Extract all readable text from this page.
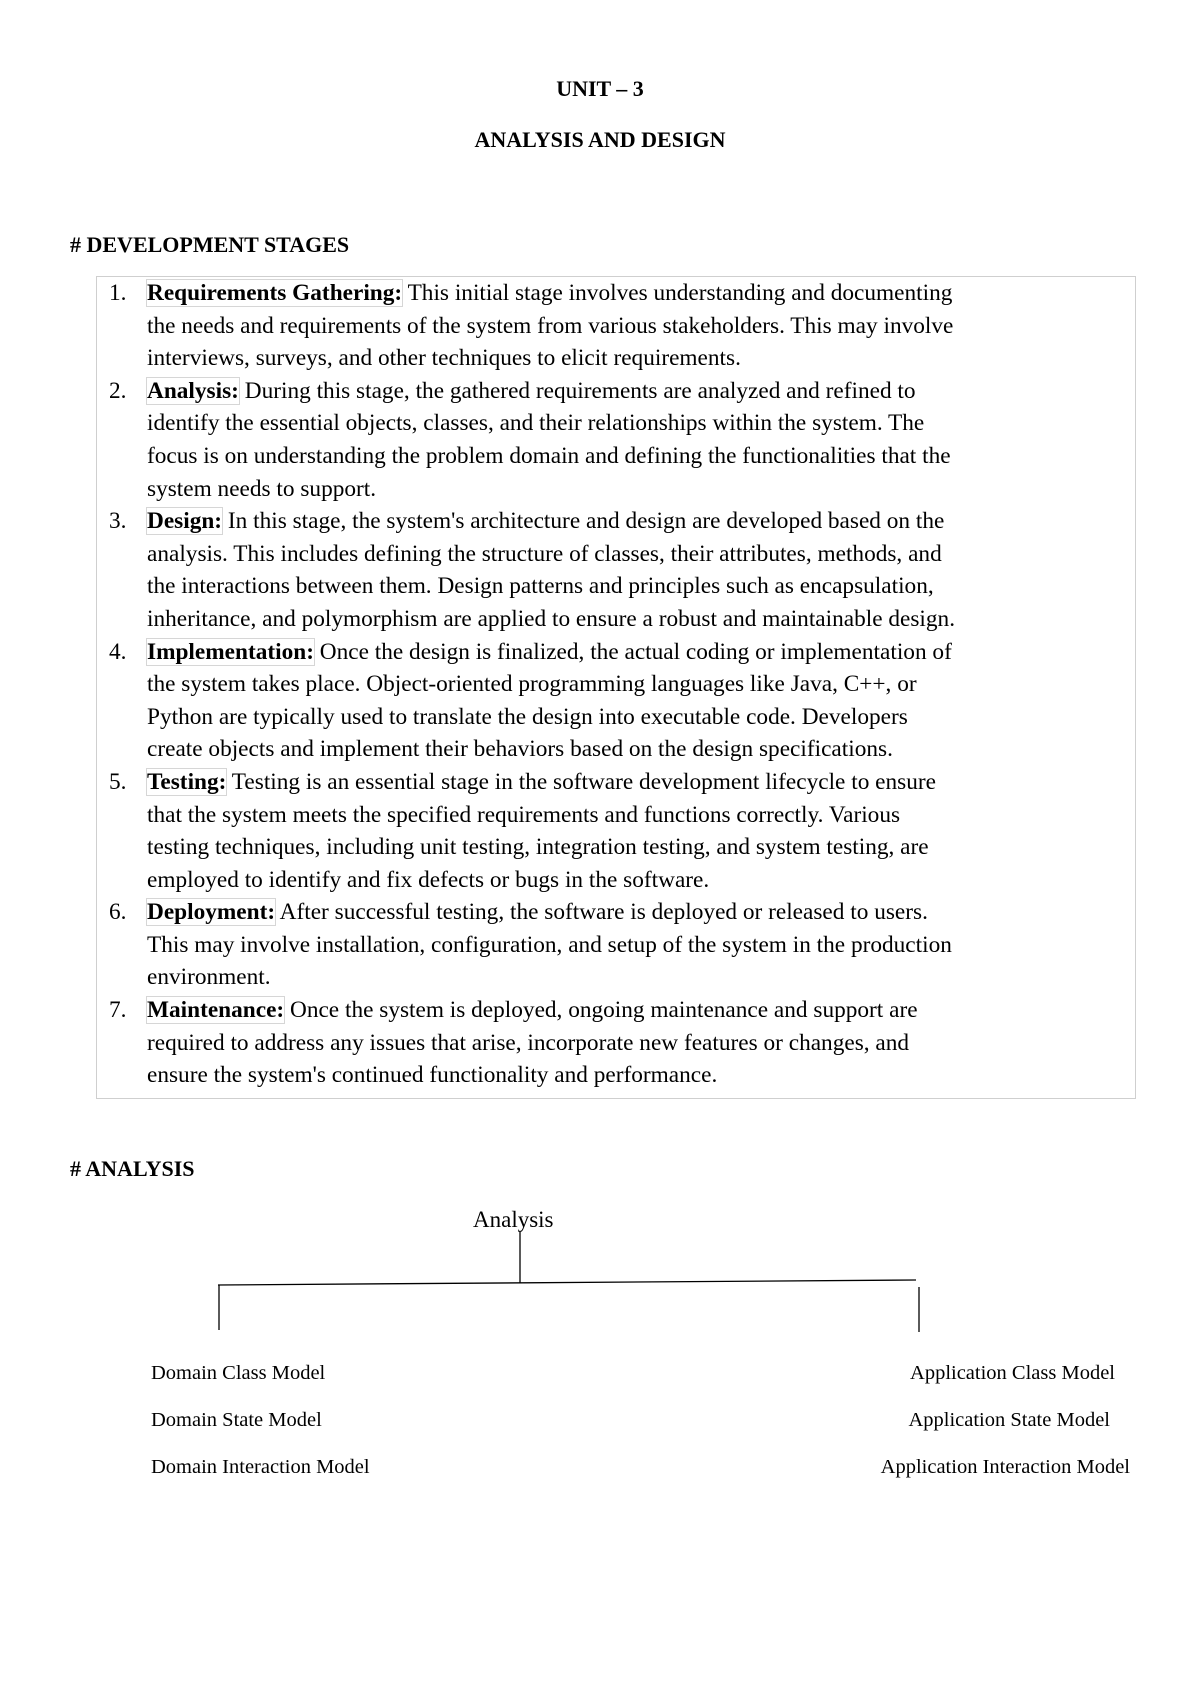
UNIT – 3
ANALYSIS AND DESIGN
# DEVELOPMENT STAGES
1. Requirements Gathering: This initial stage involves understanding and documenting
the needs and requirements of the system from various stakeholders. This may involve
interviews, surveys, and other techniques to elicit requirements.
2. Analysis: During this stage, the gathered requirements are analyzed and refined to
identify the essential objects, classes, and their relationships within the system. The
focus is on understanding the problem domain and defining the functionalities that the
system needs to support.
3. Design: In this stage, the system's architecture and design are developed based on the
analysis. This includes defining the structure of classes, their attributes, methods, and
the interactions between them. Design patterns and principles such as encapsulation,
inheritance, and polymorphism are applied to ensure a robust and maintainable design.
4. Implementation: Once the design is finalized, the actual coding or implementation of
the system takes place. Object-oriented programming languages like Java, C++, or
Python are typically used to translate the design into executable code. Developers
create objects and implement their behaviors based on the design specifications.
5. Testing: Testing is an essential stage in the software development lifecycle to ensure
that the system meets the specified requirements and functions correctly. Various
testing techniques, including unit testing, integration testing, and system testing, are
employed to identify and fix defects or bugs in the software.
6. Deployment: After successful testing, the software is deployed or released to users.
This may involve installation, configuration, and setup of the system in the production
environment.
7. Maintenance: Once the system is deployed, ongoing maintenance and support are
required to address any issues that arise, incorporate new features or changes, and
ensure the system's continued functionality and performance.
# ANALYSIS
Analysis
Domain Class Model
Domain State Model
Domain Interaction Model
Application Class Model
Application State Model
Application Interaction Model
